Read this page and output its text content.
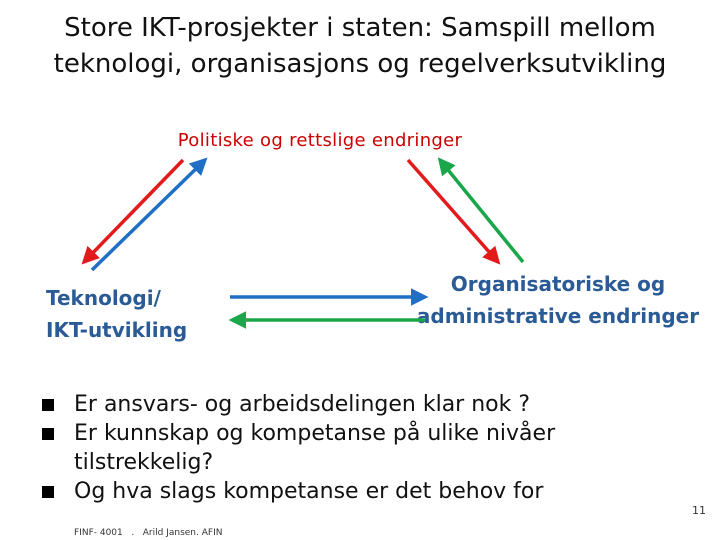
Store IKT-prosjekter i staten: Samspill mellom
teknologi, organisasjons og regelverksutvikling
Politiske og rettslige endringer
Teknologi/
IKT-utvikling
Organisatoriske og
administrative endringer
Er ansvars- og arbeidsdelingen klar nok ?
Er kunnskap og kompetanse på ulike nivåer
tilstrekkelig?
Og hva slags kompetanse er det behov for
11
FINF- 4001   .   Arild Jansen. AFIN
